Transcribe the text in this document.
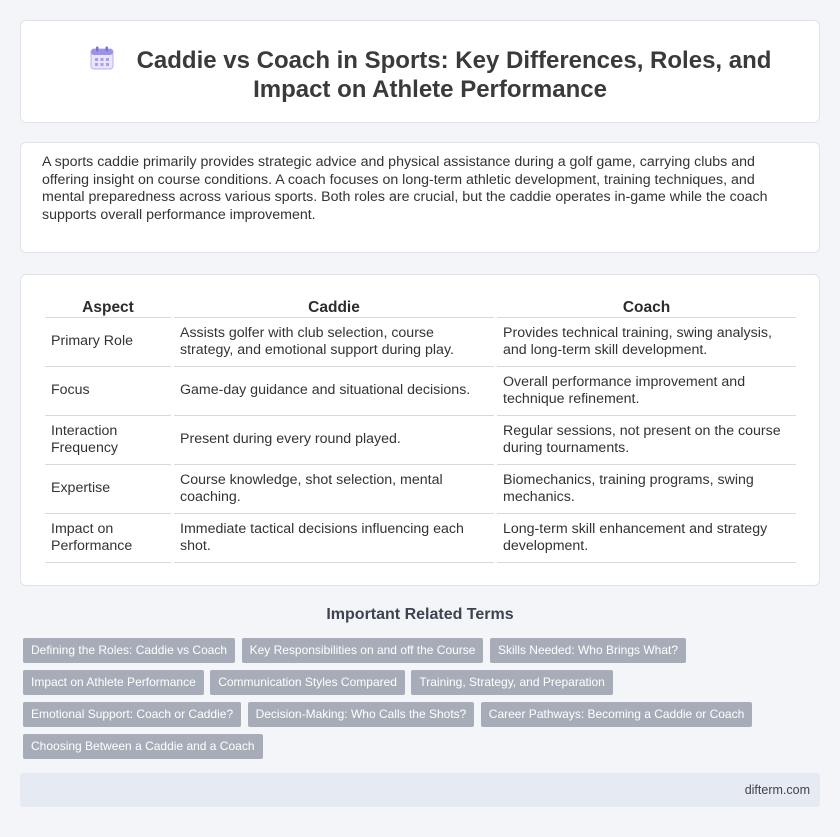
Caddie vs Coach in Sports: Key Differences, Roles, and Impact on Athlete Performance

A sports caddie primarily provides strategic advice and physical assistance during a golf game, carrying clubs and offering insight on course conditions. A coach focuses on long-term athletic development, training techniques, and mental preparedness across various sports. Both roles are crucial, but the caddie operates in-game while the coach supports overall performance improvement.

Aspect	Caddie	Coach
Primary Role	Assists golfer with club selection, course strategy, and emotional support during play.	Provides technical training, swing analysis, and long-term skill development.
Focus	Game-day guidance and situational decisions.	Overall performance improvement and technique refinement.
Interaction Frequency	Present during every round played.	Regular sessions, not present on the course during tournaments.
Expertise	Course knowledge, shot selection, mental coaching.	Biomechanics, training programs, swing mechanics.
Impact on Performance	Immediate tactical decisions influencing each shot.	Long-term skill enhancement and strategy development.
Important Related Terms
Defining the Roles: Caddie vs Coach Key Responsibilities on and off the Course Skills Needed: Who Brings What? Impact on Athlete Performance Communication Styles Compared Training, Strategy, and Preparation Emotional Support: Coach or Caddie? Decision-Making: Who Calls the Shots? Career Pathways: Becoming a Caddie or Coach Choosing Between a Caddie and a Coach
difterm.com
